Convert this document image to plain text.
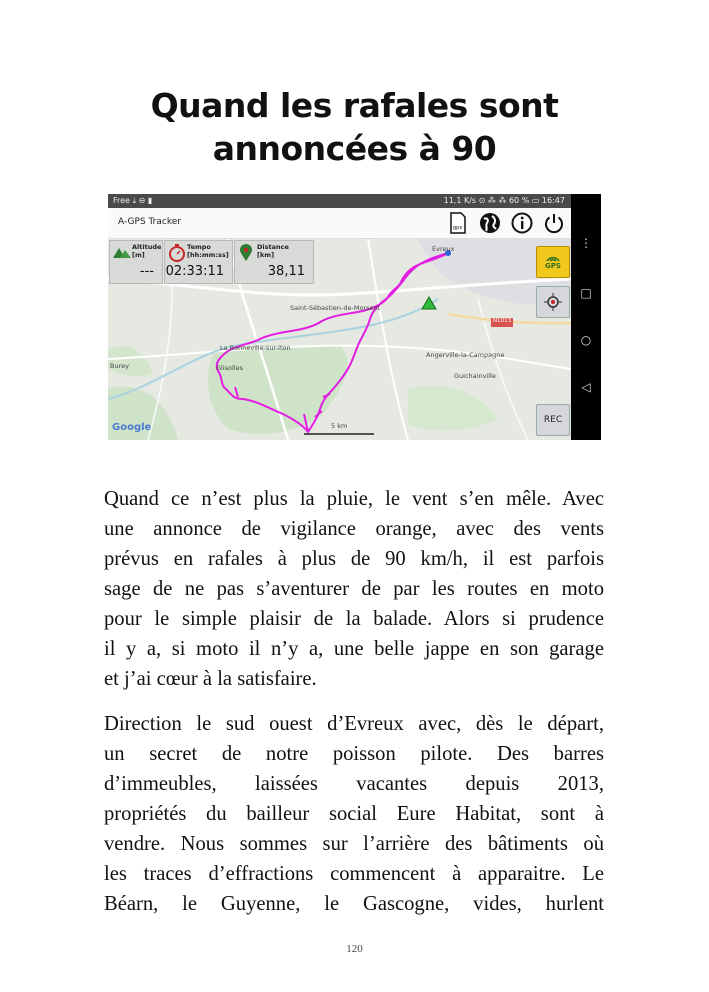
Quand les rafales sont
annoncées à 90
Évreux
Saint-Sébastien-de-Morsent
N1013
La Bonneville-sur-Iton
Glisolles
Angerville-la-Campagne
Guichainville
Burey
5 km
Google
Free ⤓ ⊖ ▮	11,1 K/s ⊙ ⁂ ⁂ 60 % ▭ 16:47
A-GPS Tracker
gpx
Altitude
[m]
---
Tempo
[hh:mm:ss]
02:33:11
Distance
[km]
38,11	GPS
REC
⋮
□
○
◁
Quand ce n’est plus la pluie, le vent s’en mêle. Avec
une annonce de vigilance orange, avec des vents
prévus en rafales à plus de 90 km/h, il est parfois
sage de ne pas s’aventurer de par les routes en moto
pour le simple plaisir de la balade. Alors si prudence
il y a, si moto il n’y a, une belle jappe en son garage
et j’ai cœur à la satisfaire.
Direction le sud ouest d’Evreux avec, dès le départ,
un secret de notre poisson pilote. Des barres
d’immeubles, laissées vacantes depuis 2013,
propriétés du bailleur social Eure Habitat, sont à
vendre. Nous sommes sur l’arrière des bâtiments où
les traces d’effractions commencent à apparaitre. Le
Béarn, le Guyenne, le Gascogne, vides, hurlent
120
